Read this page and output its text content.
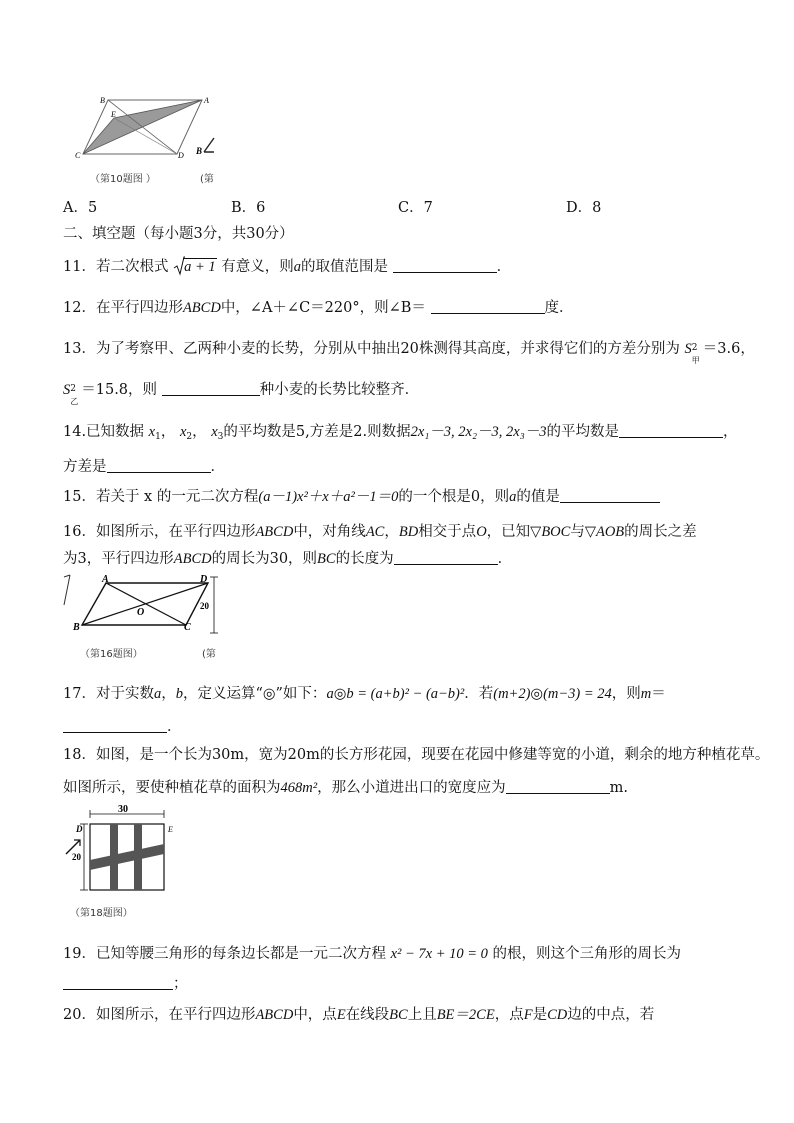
B	A
E
C	D B
（第10题图 ）	(第
A．5	B．6	C．7	D．8
二、填空题（每小题3分，共30分）
11．若二次根式 a + 1 有意义，则a的取值范围是	．
12．在平行四边形ABCD中，∠A＋∠C＝220°，则∠B＝	度．
13．为了考察甲、乙两种小麦的长势，分别从中抽出20株测得其高度，并求得它们的方差分别为 S 2
甲
＝3.6，
S 2
乙
＝15.8，则	种小麦的长势比较整齐．
14.已知数据 $x_1$， $x_2$， $x_3$的平均数是5,方差是2.则数据2x₁－3, 2x₂－3, 2x₃－3的平均数是	，
方差是	．
15．若关于 x 的一元二次方程(a－1)x²＋x＋a²－1＝0的一个根是0，则a的值是
16．如图所示，在平行四边形ABCD中，对角线AC，BD相交于点O，已知▽BOC与▽AOB的周长之差
为3，平行四边形ABCD的周长为30，则BC的长度为	．
A	D
B	C
O
20
（第16题图）	(第
17．对于实数a，b，定义运算“◎”如下：a◎b = (a+b)² − (a−b)²．若(m+2)◎(m−3) = 24，则m＝
．
18．如图，是一个长为30m，宽为20m的长方形花园，现要在花园中修建等宽的小道，剩余的地方种植花草。
如图所示，要使种植花草的面积为468m²，那么小道进出口的宽度应为	m.
30
20
D	E
（第18题图）
19．已知等腰三角形的每条边长都是一元二次方程 x² − 7x + 10 = 0 的根，则这个三角形的周长为
；
20．如图所示，在平行四边形ABCD中，点E在线段BC上且BE＝2CE，点F是CD边的中点，若
